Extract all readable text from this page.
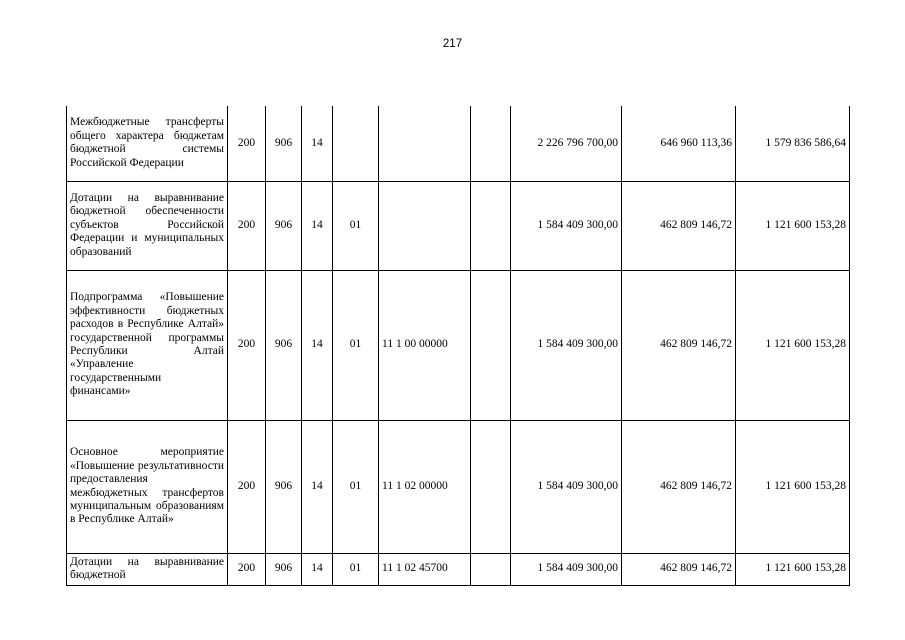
217
Межбюджетные трансферты общего характера бюджетам бюджетной системы Российской Федерации	200	906	14				2 226 796 700,00	646 960 113,36	1 579 836 586,64
Дотации на выравнивание бюджетной обеспеченности субъектов Российской Федерации и муниципальных образований	200	906	14	01			1 584 409 300,00	462 809 146,72	1 121 600 153,28
Подпрограмма «Повышение эффективности бюджетных расходов в Республике Алтай» государственной программы Республики Алтай «Управление государственными финансами»	200	906	14	01	11 1 00 00000		1 584 409 300,00	462 809 146,72	1 121 600 153,28
Основное мероприятие «Повышение результативности предоставления межбюджетных трансфертов муниципальным образованиям в Республике Алтай»	200	906	14	01	11 1 02 00000		1 584 409 300,00	462 809 146,72	1 121 600 153,28
Дотации на выравнивание бюджетной	200	906	14	01	11 1 02 45700		1 584 409 300,00	462 809 146,72	1 121 600 153,28
